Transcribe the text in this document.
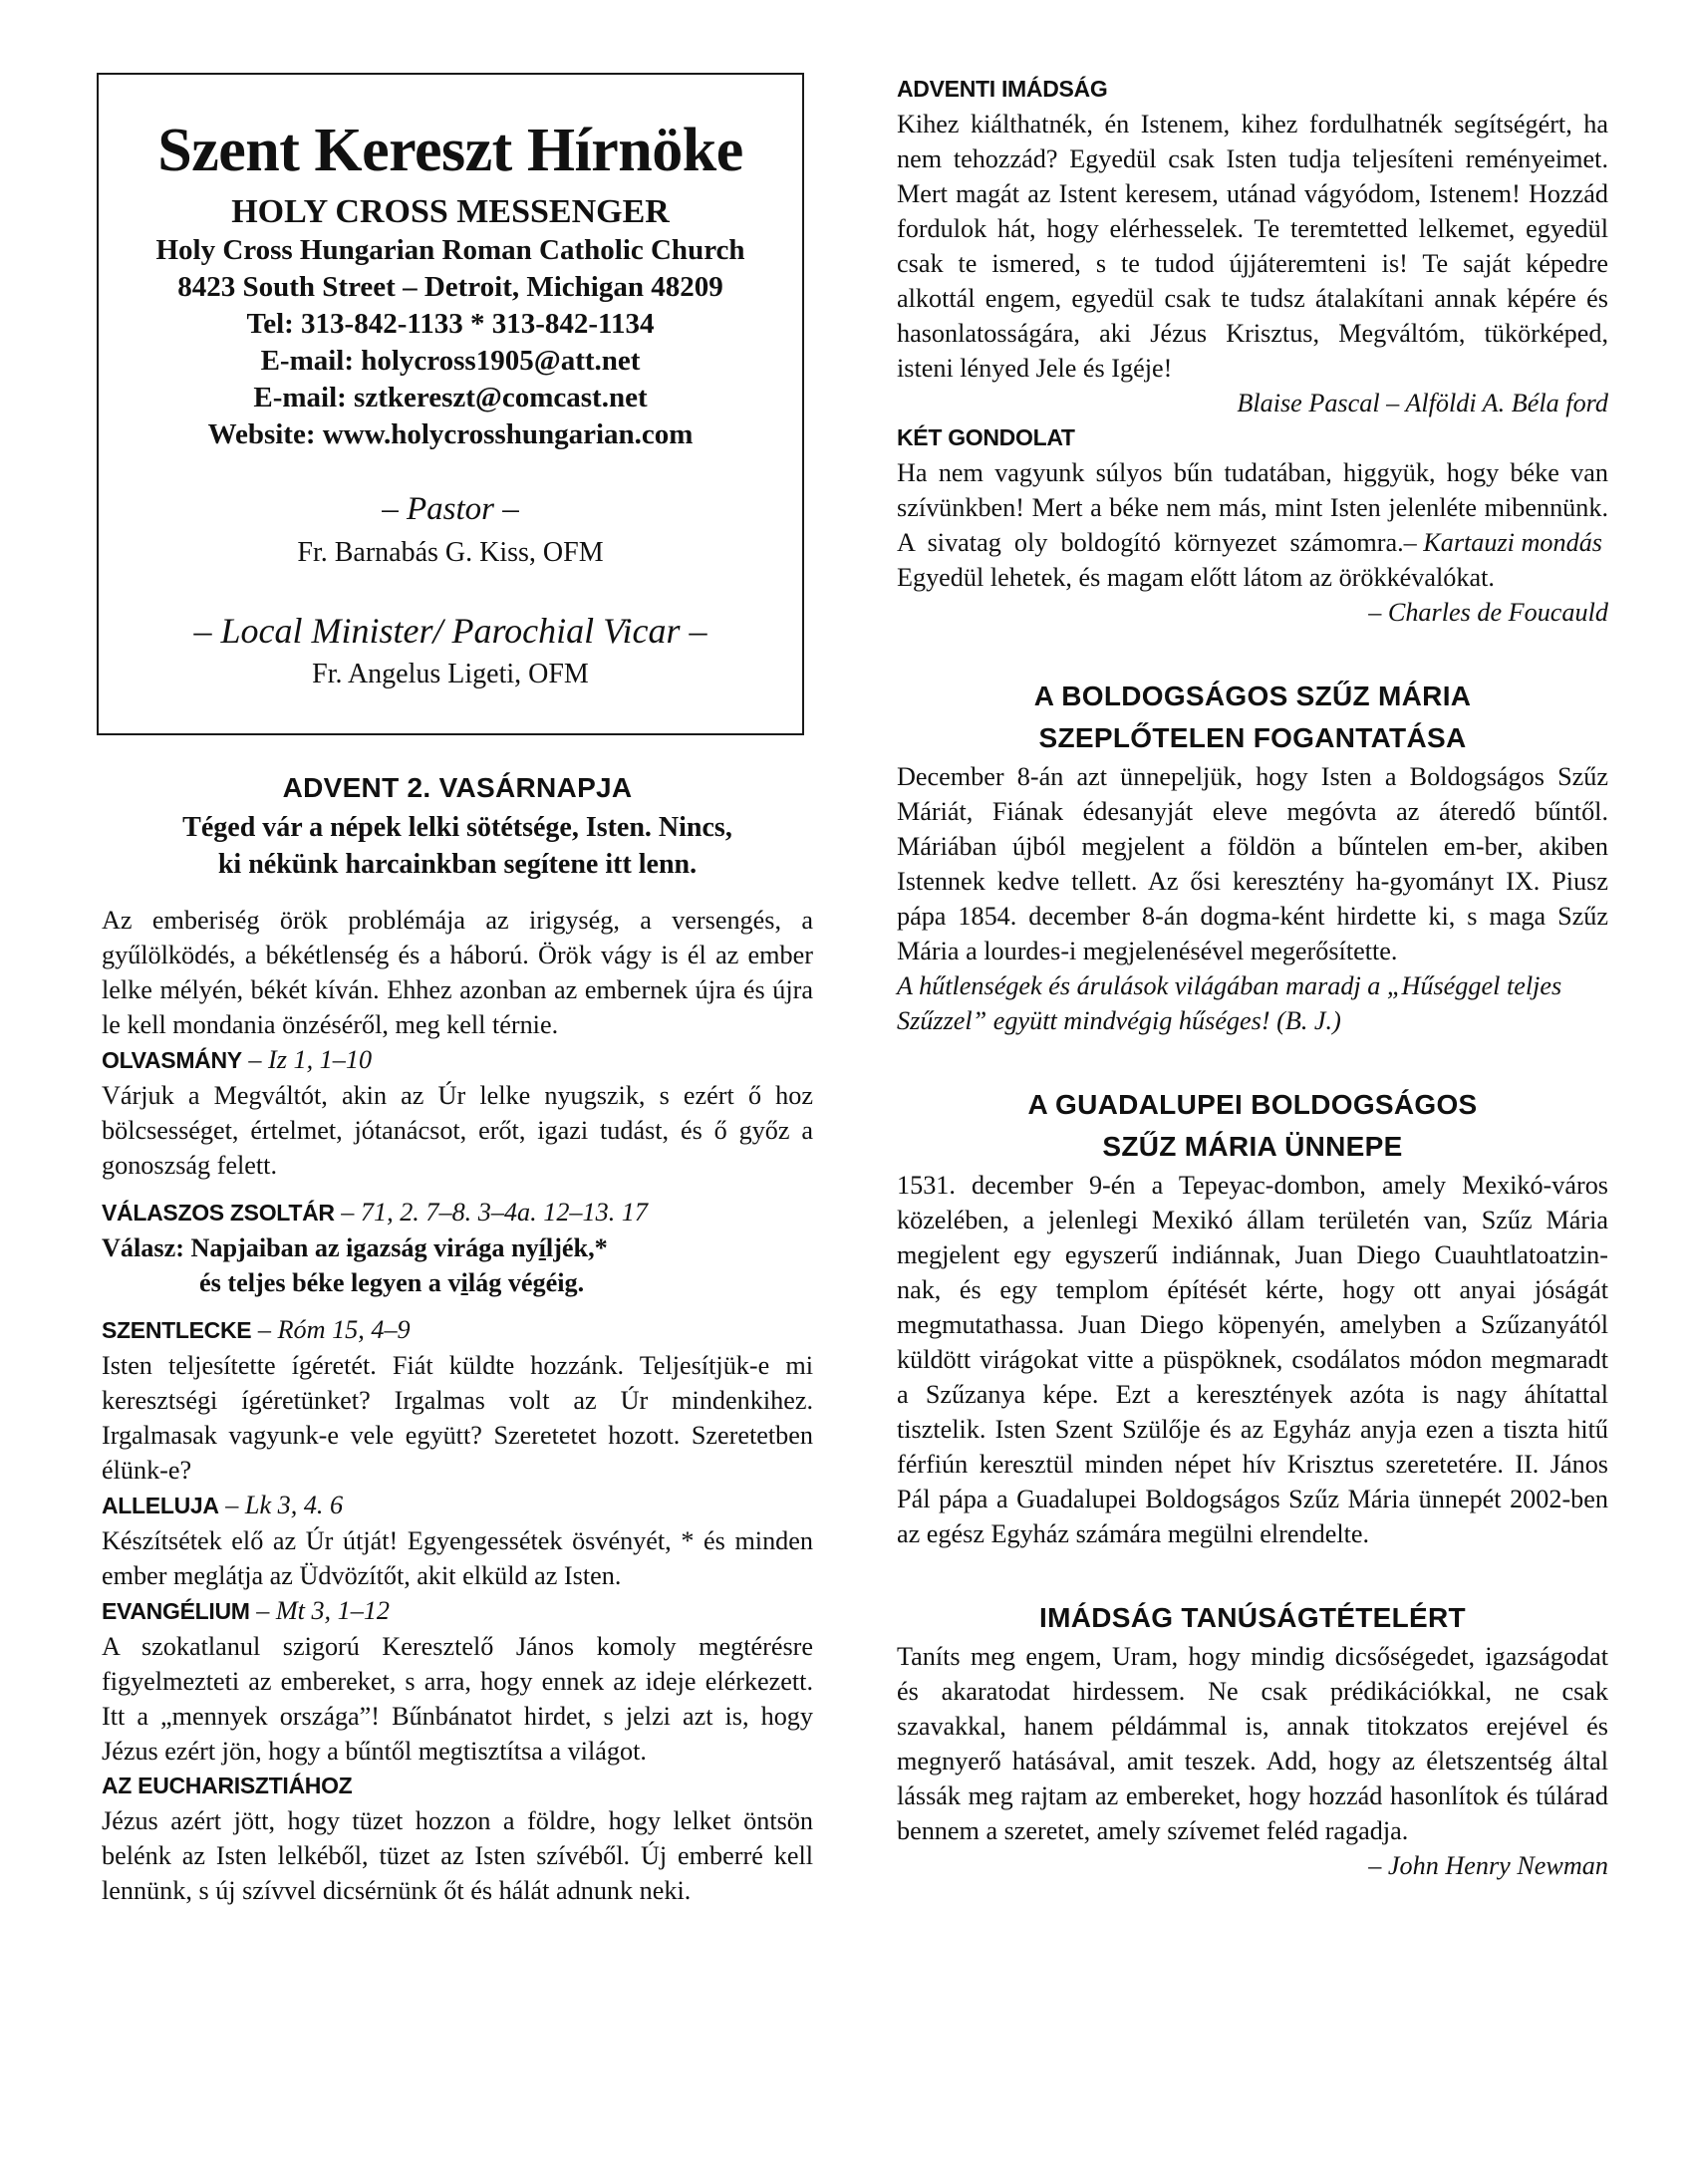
Szent Kereszt Hírnöke
HOLY CROSS MESSENGER
Holy Cross Hungarian Roman Catholic Church
8423 South Street – Detroit, Michigan 48209
Tel: 313-842-1133 * 313-842-1134
E-mail: holycross1905@att.net
E-mail: sztkereszt@comcast.net
Website: www.holycrosshungarian.com
– Pastor –
Fr. Barnabás G. Kiss, OFM
– Local Minister/ Parochial Vicar –
Fr. Angelus Ligeti, OFM
ADVENT 2. VASÁRNAPJA
Téged vár a népek lelki sötétsége, Isten. Nincs,
ki nékünk harcainkban segítene itt lenn.

Az emberiség örök problémája az irigység, a versengés, a gyűlölködés, a békétlenség és a háború. Örök vágy is él az ember lelke mélyén, békét kíván. Ehhez azonban az embernek újra és újra le kell mondania önzéséről, meg kell térnie.

OLVASMÁNY – Iz 1, 1–10

Várjuk a Megváltót, akin az Úr lelke nyugszik, s ezért ő hoz bölcsességet, értelmet, jótanácsot, erőt, igazi tudást, és ő győz a gonoszság felett.

VÁLASZOS ZSOLTÁR – 71, 2. 7–8. 3–4a. 12–13. 17
Válasz: Napjaiban az igazság virága nyíljék,*
és teljes béke legyen a világ végéig.
SZENTLECKE – Róm 15, 4–9

Isten teljesítette ígéretét. Fiát küldte hozzánk. Teljesítjük-e mi keresztségi ígéretünket? Irgalmas volt az Úr mindenkihez. Irgalmasak vagyunk-e vele együtt? Szeretetet hozott. Szeretetben élünk-e?

ALLELUJA – Lk 3, 4. 6

Készítsétek elő az Úr útját! Egyengessétek ösvényét, * és minden ember meglátja az Üdvözítőt, akit elküld az Isten.

EVANGÉLIUM – Mt 3, 1–12

A szokatlanul szigorú Keresztelő János komoly megtérésre figyelmezteti az embereket, s arra, hogy ennek az ideje elérkezett. Itt a „mennyek országa”! Bűnbánatot hirdet, s jelzi azt is, hogy Jézus ezért jön, hogy a bűntől megtisztítsa a világot.

AZ EUCHARISZTIÁHOZ

Jézus azért jött, hogy tüzet hozzon a földre, hogy lelket öntsön belénk az Isten lelkéből, tüzet az Isten szívéből. Új emberré kell lennünk, s új szívvel dicsérnünk őt és hálát adnunk neki.

ADVENTI IMÁDSÁG

Kihez kiálthatnék, én Istenem, kihez fordulhatnék segítségért, ha nem tehozzád? Egyedül csak Isten tudja teljesíteni reményeimet. Mert magát az Istent keresem, utánad vágyódom, Istenem! Hozzád fordulok hát, hogy elérhesselek. Te teremtetted lelkemet, egyedül csak te ismered, s te tudod újjáteremteni is! Te saját képedre alkottál engem, egyedül csak te tudsz átalakítani annak képére és hasonlatosságára, aki Jézus Krisztus, Megváltóm, tükörképed, isteni lényed Jele és Igéje!

Blaise Pascal – Alföldi A. Béla ford
KÉT GONDOLAT
Ha nem vagyunk súlyos bűn tudatában, higgyük, hogy béke van szívünkben! Mert a béke nem más, mint Isten jelenléte mibennünk.
– Kartauzi mondás

A sivatag oly boldogító környezet számomra. Egyedül lehetek, és magam előtt látom az örökkévalókat.

– Charles de Foucauld
A BOLDOGSÁGOS SZŰZ MÁRIA
SZEPLŐTELEN FOGANTATÁSA

December 8-án azt ünnepeljük, hogy Isten a Boldogságos Szűz Máriát, Fiának édesanyját eleve megóvta az áteredő bűntől. Máriában újból megjelent a földön a bűntelen em-ber, akiben Istennek kedve tellett. Az ősi keresztény ha-gyományt IX. Piusz pápa 1854. december 8-án dogma-ként hirdette ki, s maga Szűz Mária a lourdes-i megjelenésével megerősítette.

A hűtlenségek és árulások világában maradj a „Hűséggel teljes Szűzzel” együtt mindvégig hűséges! (B. J.)

A GUADALUPEI BOLDOGSÁGOS
SZŰZ MÁRIA ÜNNEPE

1531. december 9-én a Tepeyac-dombon, amely Mexikó-város közelében, a jelenlegi Mexikó állam területén van, Szűz Mária megjelent egy egyszerű indiánnak, Juan Diego Cuauhtlatoatzin-nak, és egy templom építését kérte, hogy ott anyai jóságát megmutathassa. Juan Diego köpenyén, amelyben a Szűzanyától küldött virágokat vitte a püspöknek, csodálatos módon megmaradt a Szűzanya képe. Ezt a keresztények azóta is nagy áhítattal tisztelik. Isten Szent Szülője és az Egyház anyja ezen a tiszta hitű férfiún keresztül minden népet hív Krisztus szeretetére. II. János Pál pápa a Guadalupei Boldogságos Szűz Mária ünnepét 2002-ben az egész Egyház számára megülni elrendelte.

IMÁDSÁG TANÚSÁGTÉTELÉRT

Taníts meg engem, Uram, hogy mindig dicsőségedet, igazságodat és akaratodat hirdessem. Ne csak prédikációkkal, ne csak szavakkal, hanem példámmal is, annak titokzatos erejével és megnyerő hatásával, amit teszek. Add, hogy az életszentség által lássák meg rajtam az embereket, hogy hozzád hasonlítok és túlárad bennem a szeretet, amely szívemet feléd ragadja.

– John Henry Newman
